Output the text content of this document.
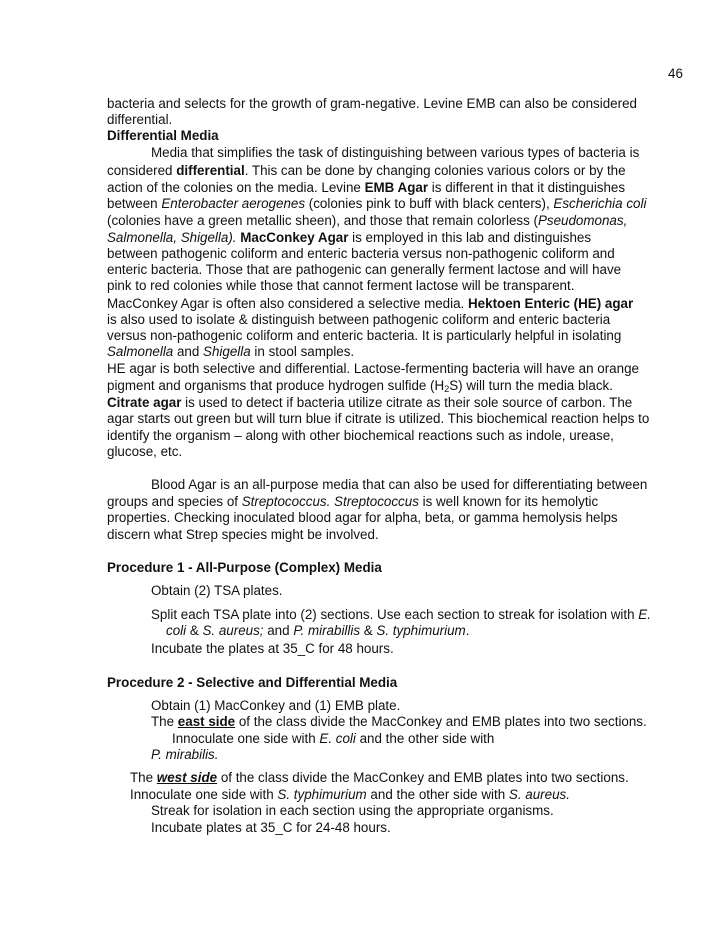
46
bacteria and selects for the growth of gram-negative. Levine EMB can also be considered
differential.
Differential Media
Media that simplifies the task of distinguishing between various types of bacteria is
considered differential. This can be done by changing colonies various colors or by the
action of the colonies on the media. Levine EMB Agar is different in that it distinguishes
between Enterobacter aerogenes (colonies pink to buff with black centers), Escherichia coli
(colonies have a green metallic sheen), and those that remain colorless (Pseudomonas,
Salmonella, Shigella). MacConkey Agar is employed in this lab and distinguishes
between pathogenic coliform and enteric bacteria versus non-pathogenic coliform and
enteric bacteria. Those that are pathogenic can generally ferment lactose and will have
pink to red colonies while those that cannot ferment lactose will be transparent.
MacConkey Agar is often also considered a selective media. Hektoen Enteric (HE) agar
is also used to isolate & distinguish between pathogenic coliform and enteric bacteria
versus non-pathogenic coliform and enteric bacteria. It is particularly helpful in isolating
Salmonella and Shigella in stool samples.
HE agar is both selective and differential. Lactose-fermenting bacteria will have an orange
pigment and organisms that produce hydrogen sulfide $(H_2S)$ will turn the media black.
Citrate agar is used to detect if bacteria utilize citrate as their sole source of carbon. The
agar starts out green but will turn blue if citrate is utilized. This biochemical reaction helps to
identify the organism – along with other biochemical reactions such as indole, urease,
glucose, etc.
Blood Agar is an all-purpose media that can also be used for differentiating between
groups and species of Streptococcus. Streptococcus is well known for its hemolytic
properties. Checking inoculated blood agar for alpha, beta, or gamma hemolysis helps
discern what Strep species might be involved.
Procedure 1 - All-Purpose (Complex) Media
Obtain (2) TSA plates.
Split each TSA plate into (2) sections. Use each section to streak for isolation with E.
coli & S. aureus; and P. mirabillis & S. typhimurium.
Incubate the plates at 35_C for 48 hours.
Procedure 2 - Selective and Differential Media
Obtain (1) MacConkey and (1) EMB plate.
The east side of the class divide the MacConkey and EMB plates into two sections.
Innoculate one side with E. coli and the other side with
P. mirabilis.
The west side of the class divide the MacConkey and EMB plates into two sections.
Innoculate one side with S. typhimurium and the other side with S. aureus.
Streak for isolation in each section using the appropriate organisms.
Incubate plates at 35_C for 24-48 hours.
